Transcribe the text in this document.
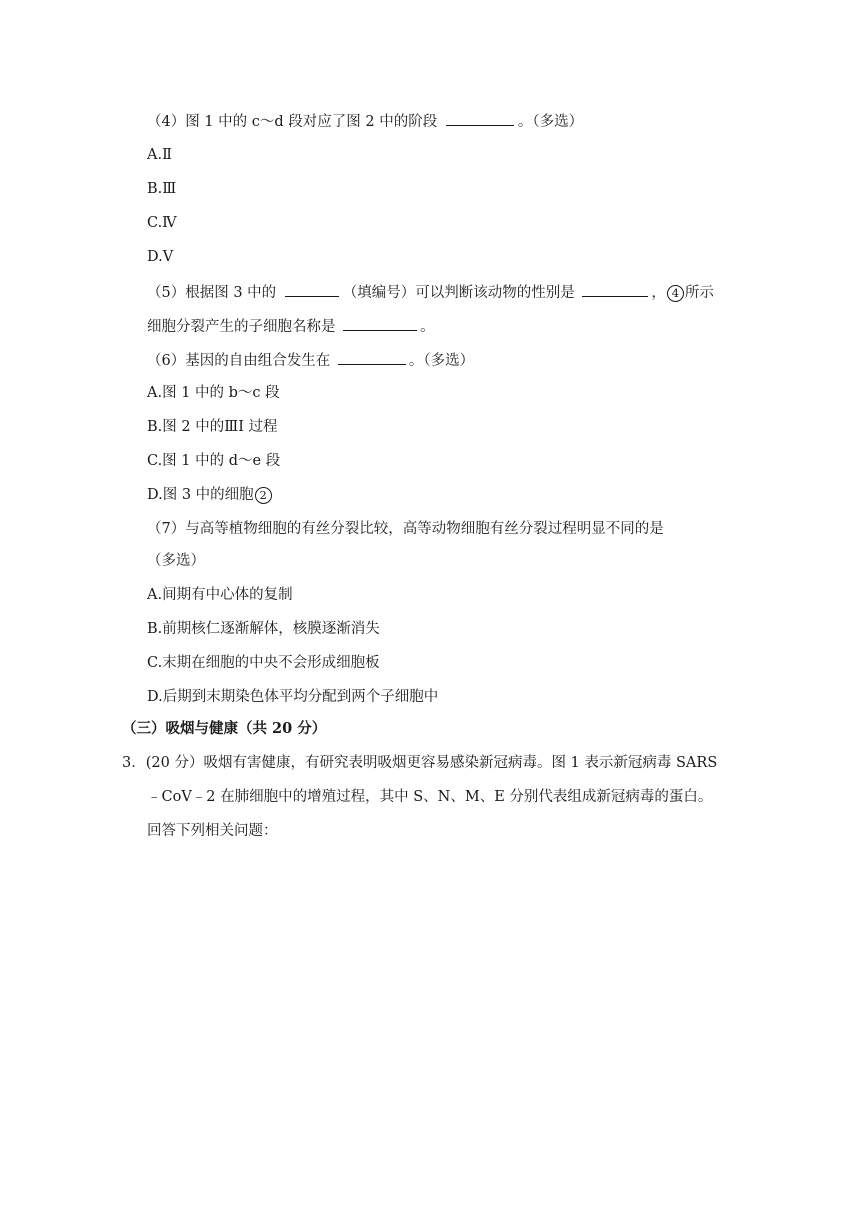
（4）图 1 中的 c～d 段对应了图 2 中的阶段	。（多选）
A.Ⅱ
B.Ⅲ
C.Ⅳ
D.Ⅴ
（5）根据图 3 中的	（填编号）可以判断该动物的性别是	， 4 所示
细胞分裂产生的子细胞名称是	。
（6）基因的自由组合发生在	。（多选）
A.图 1 中的 b～c 段
B.图 2 中的ⅢI 过程
C.图 1 中的 d～e 段
D.图 3 中的细胞 2
（7）与高等植物细胞的有丝分裂比较，高等动物细胞有丝分裂过程明显不同的是
（多选）
A.间期有中心体的复制
B.前期核仁逐渐解体，核膜逐渐消失
C.末期在细胞的中央不会形成细胞板
D.后期到末期染色体平均分配到两个子细胞中
（三）吸烟与健康（共 20 分）
3．(20 分）吸烟有害健康，有研究表明吸烟更容易感染新冠病毒。图 1 表示新冠病毒 SARS
﹣CoV﹣2 在肺细胞中的增殖过程，其中 S、N、M、E 分别代表组成新冠病毒的蛋白。
回答下列相关问题：
